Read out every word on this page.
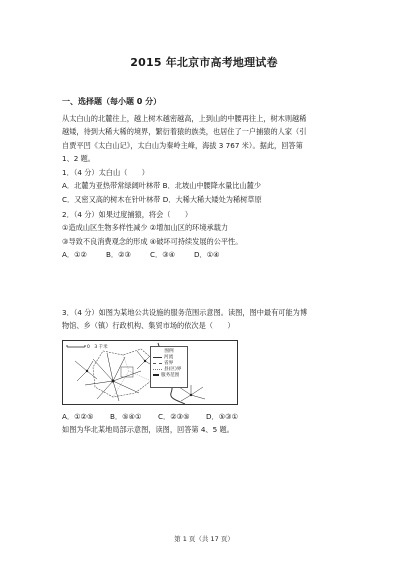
2015 年北京市高考地理试卷
一、选择题（每小题 0 分）
从太白山的北麓往上，越上树木越密越高，上到山的中腰再往上，树木则越稀
越矮，待到大稀大稀的境界，繁衍着猿的族类，也居住了一户捕猿的人家（引
自贾平凹《太白山记》，太白山为秦岭主峰，海拔 3 767 米）。据此，回答第
1、2 题。
1．（4 分）太白山（　　）
A．北麓为亚热带常绿阔叶林带 B．北坡山中腰降水量比山麓少
C．又密又高的树木在针叶林带 D．大稀大稀大矮处为稀树草原
2．（4 分）如果过度捕猿，将会（　　）
①造成山区生物多样性减少 ②增加山区的环境承载力
③导致不良消费观念的形成 ④破坏可持续发展的公平性。
A．①②	B．②③	C．③④	D．①④
3．（4 分）如图为某地公共设施的服务范围示意图。读图，图中最有可能为博
物馆、乡（镇）行政机构、集贸市场的依次是（　　）
0　3 千米
图例
河流
省界
县(区)界
服务范围
A．①②⑤	B．⑤④①	C．②③⑤	D．⑤③①
如图为华北某地局部示意图，读图，回答第 4、5 题。
第 1 页（共 17 页）
